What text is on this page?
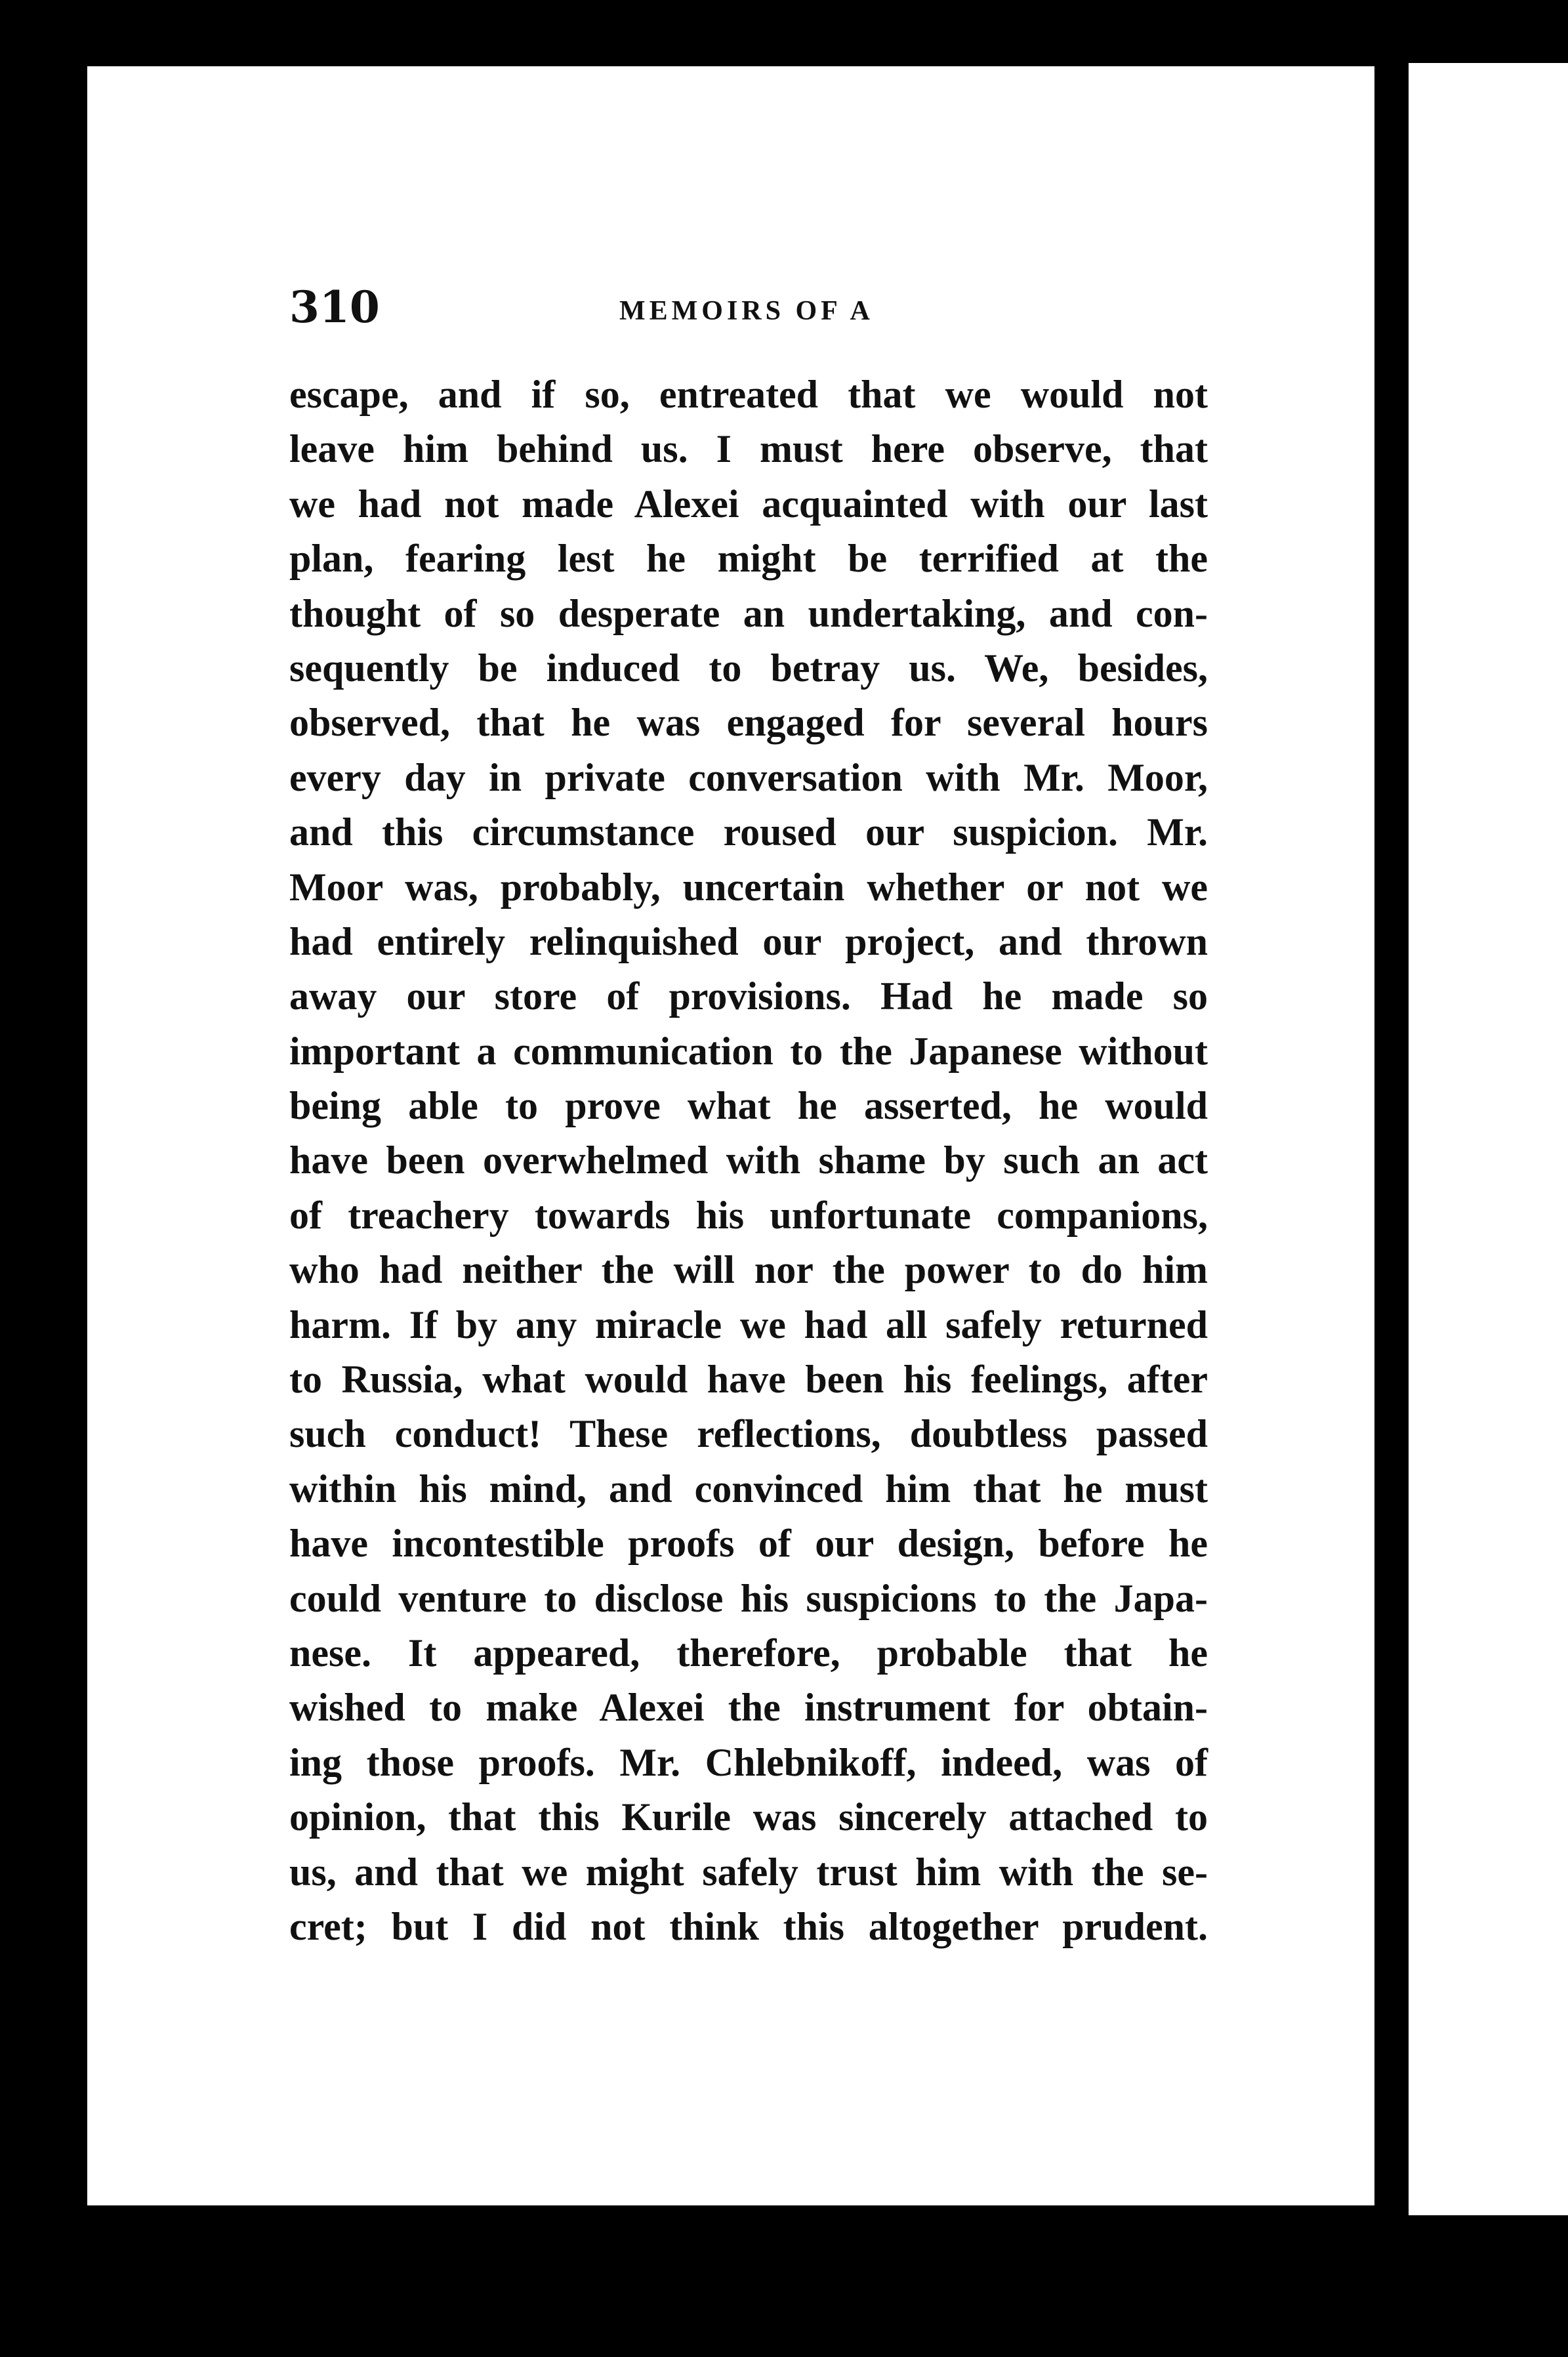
310	MEMOIRS OF A
escape, and if so, entreated that we would not
leave him behind us. I must here observe, that
we had not made Alexei acquainted with our last
plan, fearing lest he might be terrified at the
thought of so desperate an undertaking, and con-
sequently be induced to betray us. We, besides,
observed, that he was engaged for several hours
every day in private conversation with Mr. Moor,
and this circumstance roused our suspicion. Mr.
Moor was, probably, uncertain whether or not we
had entirely relinquished our project, and thrown
away our store of provisions. Had he made so
important a communication to the Japanese without
being able to prove what he asserted, he would
have been overwhelmed with shame by such an act
of treachery towards his unfortunate companions,
who had neither the will nor the power to do him
harm. If by any miracle we had all safely returned
to Russia, what would have been his feelings, after
such conduct! These reflections, doubtless passed
within his mind, and convinced him that he must
have incontestible proofs of our design, before he
could venture to disclose his suspicions to the Japa-
nese. It appeared, therefore, probable that he
wished to make Alexei the instrument for obtain-
ing those proofs. Mr. Chlebnikoff, indeed, was of
opinion, that this Kurile was sincerely attached to
us, and that we might safely trust him with the se-
cret; but I did not think this altogether prudent.
